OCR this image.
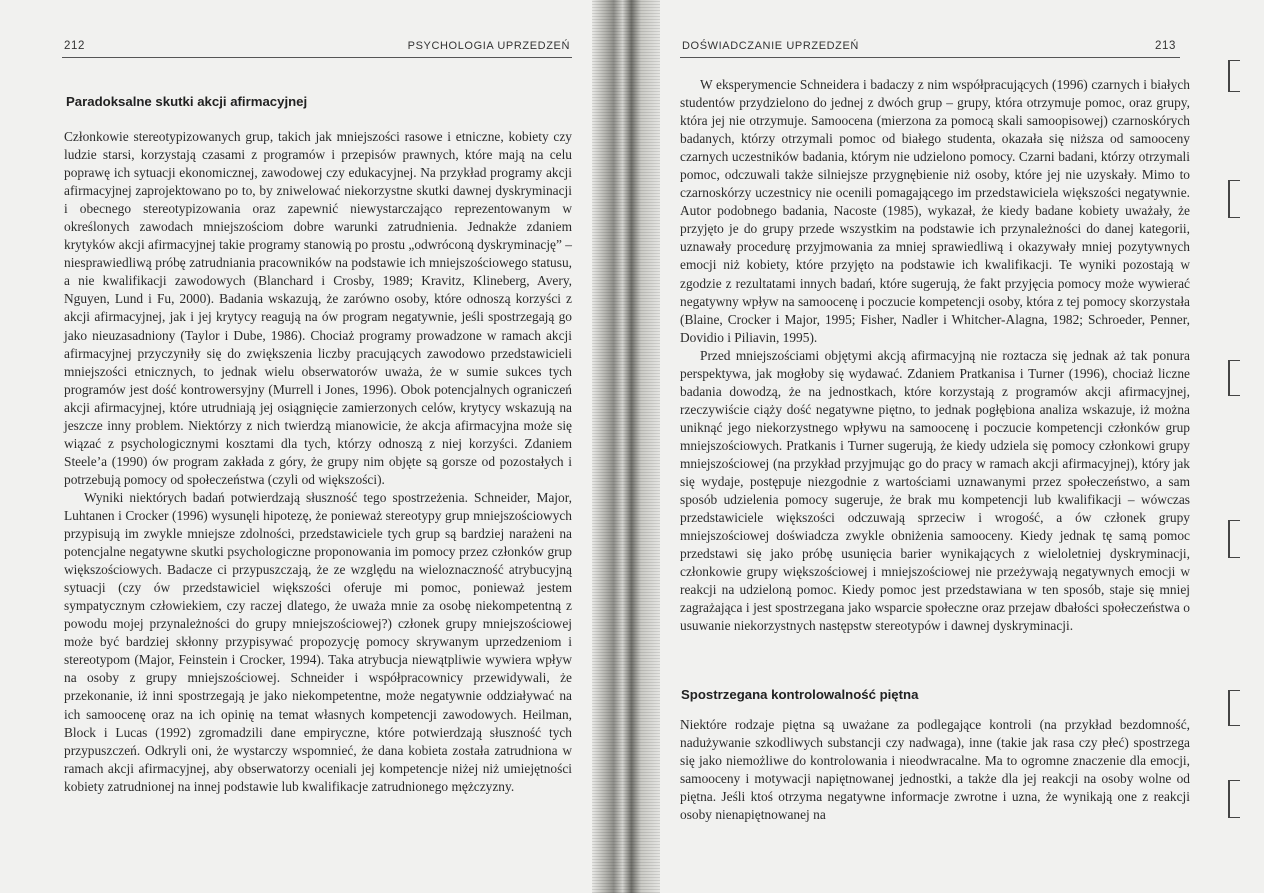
212	PSYCHOLOGIA UPRZEDZEŃ
Paradoksalne skutki akcji afirmacyjnej

Członkowie stereotypizowanych grup, takich jak mniejszości rasowe i etniczne, kobiety czy ludzie starsi, korzystają czasami z programów i przepisów prawnych, które mają na celu poprawę ich sytuacji ekonomicznej, zawodowej czy edukacyjnej. Na przykład programy akcji afirmacyjnej zaprojektowano po to, by zniwelować niekorzystne skutki dawnej dyskryminacji i obecnego stereotypizowania oraz zapewnić niewystarczająco reprezentowanym w określonych zawodach mniejszościom dobre warunki zatrudnienia. Jednakże zdaniem krytyków akcji afirmacyjnej takie programy stanowią po prostu „odwróconą dyskryminację” – niesprawiedliwą próbę zatrudniania pracowników na podstawie ich mniejszościowego statusu, a nie kwalifikacji zawodowych (Blanchard i Crosby, 1989; Kravitz, Klineberg, Avery, Nguyen, Lund i Fu, 2000). Badania wskazują, że zarówno osoby, które odnoszą korzyści z akcji afirmacyjnej, jak i jej krytycy reagują na ów program negatywnie, jeśli spostrzegają go jako nieuzasadniony (Taylor i Dube, 1986). Chociaż programy prowadzone w ramach akcji afirmacyjnej przyczyniły się do zwiększenia liczby pracujących zawodowo przedstawicieli mniejszości etnicznych, to jednak wielu obserwatorów uważa, że w sumie sukces tych programów jest dość kontrowersyjny (Murrell i Jones, 1996). Obok potencjalnych ograniczeń akcji afirmacyjnej, które utrudniają jej osiągnięcie zamierzonych celów, krytycy wskazują na jeszcze inny problem. Niektórzy z nich twierdzą mianowicie, że akcja afirmacyjna może się wiązać z psychologicznymi kosztami dla tych, którzy odnoszą z niej korzyści. Zdaniem Steele’a (1990) ów program zakłada z góry, że grupy nim objęte są gorsze od pozostałych i potrzebują pomocy od społeczeństwa (czyli od większości).

Wyniki niektórych badań potwierdzają słuszność tego spostrzeżenia. Schneider, Major, Luhtanen i Crocker (1996) wysunęli hipotezę, że ponieważ stereotypy grup mniejszościowych przypisują im zwykle mniejsze zdolności, przedstawiciele tych grup są bardziej narażeni na potencjalne negatywne skutki psychologiczne proponowania im pomocy przez członków grup większościowych. Badacze ci przypuszczają, że ze względu na wieloznaczność atrybucyjną sytuacji (czy ów przedstawiciel większości oferuje mi pomoc, ponieważ jestem sympatycznym człowiekiem, czy raczej dlatego, że uważa mnie za osobę niekompetentną z powodu mojej przynależności do grupy mniejszościowej?) członek grupy mniejszościowej może być bardziej skłonny przypisywać propozycję pomocy skrywanym uprzedzeniom i stereotypom (Major, Feinstein i Crocker, 1994). Taka atrybucja niewątpliwie wywiera wpływ na osoby z grupy mniejszościowej. Schneider i współpracownicy przewidywali, że przekonanie, iż inni spostrzegają je jako niekompetentne, może negatywnie oddziaływać na ich samoocenę oraz na ich opinię na temat własnych kompetencji zawodowych. Heilman, Block i Lucas (1992) zgromadzili dane empiryczne, które potwierdzają słuszność tych przypuszczeń. Odkryli oni, że wystarczy wspomnieć, że dana kobieta została zatrudniona w ramach akcji afirmacyjnej, aby obserwatorzy oceniali jej kompetencje niżej niż umiejętności kobiety zatrudnionej na innej podstawie lub kwalifikacje zatrudnionego mężczyzny.

DOŚWIADCZANIE UPRZEDZEŃ	213

W eksperymencie Schneidera i badaczy z nim współpracujących (1996) czarnych i białych studentów przydzielono do jednej z dwóch grup – grupy, która otrzymuje pomoc, oraz grupy, która jej nie otrzymuje. Samoocena (mierzona za pomocą skali samoopisowej) czarnoskórych badanych, którzy otrzymali pomoc od białego studenta, okazała się niższa od samooceny czarnych uczestników badania, którym nie udzielono pomocy. Czarni badani, którzy otrzymali pomoc, odczuwali także silniejsze przygnębienie niż osoby, które jej nie uzyskały. Mimo to czarnoskórzy uczestnicy nie ocenili pomagającego im przedstawiciela większości negatywnie. Autor podobnego badania, Nacoste (1985), wykazał, że kiedy badane kobiety uważały, że przyjęto je do grupy przede wszystkim na podstawie ich przynależności do danej kategorii, uznawały procedurę przyjmowania za mniej sprawiedliwą i okazywały mniej pozytywnych emocji niż kobiety, które przyjęto na podstawie ich kwalifikacji. Te wyniki pozostają w zgodzie z rezultatami innych badań, które sugerują, że fakt przyjęcia pomocy może wywierać negatywny wpływ na samoocenę i poczucie kompetencji osoby, która z tej pomocy skorzystała (Blaine, Crocker i Major, 1995; Fisher, Nadler i Whitcher-Alagna, 1982; Schroeder, Penner, Dovidio i Piliavin, 1995).

Przed mniejszościami objętymi akcją afirmacyjną nie roztacza się jednak aż tak ponura perspektywa, jak mogłoby się wydawać. Zdaniem Pratkanisa i Turner (1996), chociaż liczne badania dowodzą, że na jednostkach, które korzystają z programów akcji afirmacyjnej, rzeczywiście ciąży dość negatywne piętno, to jednak pogłębiona analiza wskazuje, iż można uniknąć jego niekorzystnego wpływu na samoocenę i poczucie kompetencji członków grup mniejszościowych. Pratkanis i Turner sugerują, że kiedy udziela się pomocy członkowi grupy mniejszościowej (na przykład przyjmując go do pracy w ramach akcji afirmacyjnej), który jak się wydaje, postępuje niezgodnie z wartościami uznawanymi przez społeczeństwo, a sam sposób udzielenia pomocy sugeruje, że brak mu kompetencji lub kwalifikacji – wówczas przedstawiciele większości odczuwają sprzeciw i wrogość, a ów członek grupy mniejszościowej doświadcza zwykle obniżenia samooceny. Kiedy jednak tę samą pomoc przedstawi się jako próbę usunięcia barier wynikających z wieloletniej dyskryminacji, członkowie grupy większościowej i mniejszościowej nie przeżywają negatywnych emocji w reakcji na udzieloną pomoc. Kiedy pomoc jest przedstawiana w ten sposób, staje się mniej zagrażająca i jest spostrzegana jako wsparcie społeczne oraz przejaw dbałości społeczeństwa o usuwanie niekorzystnych następstw stereotypów i dawnej dyskryminacji.

Spostrzegana kontrolowalność piętna

Niektóre rodzaje piętna są uważane za podlegające kontroli (na przykład bezdomność, nadużywanie szkodliwych substancji czy nadwaga), inne (takie jak rasa czy płeć) spostrzega się jako niemożliwe do kontrolowania i nieodwracalne. Ma to ogromne znaczenie dla emocji, samooceny i motywacji napiętnowanej jednostki, a także dla jej reakcji na osoby wolne od piętna. Jeśli ktoś otrzyma negatywne informacje zwrotne i uzna, że wynikają one z reakcji osoby nienapiętnowanej na
